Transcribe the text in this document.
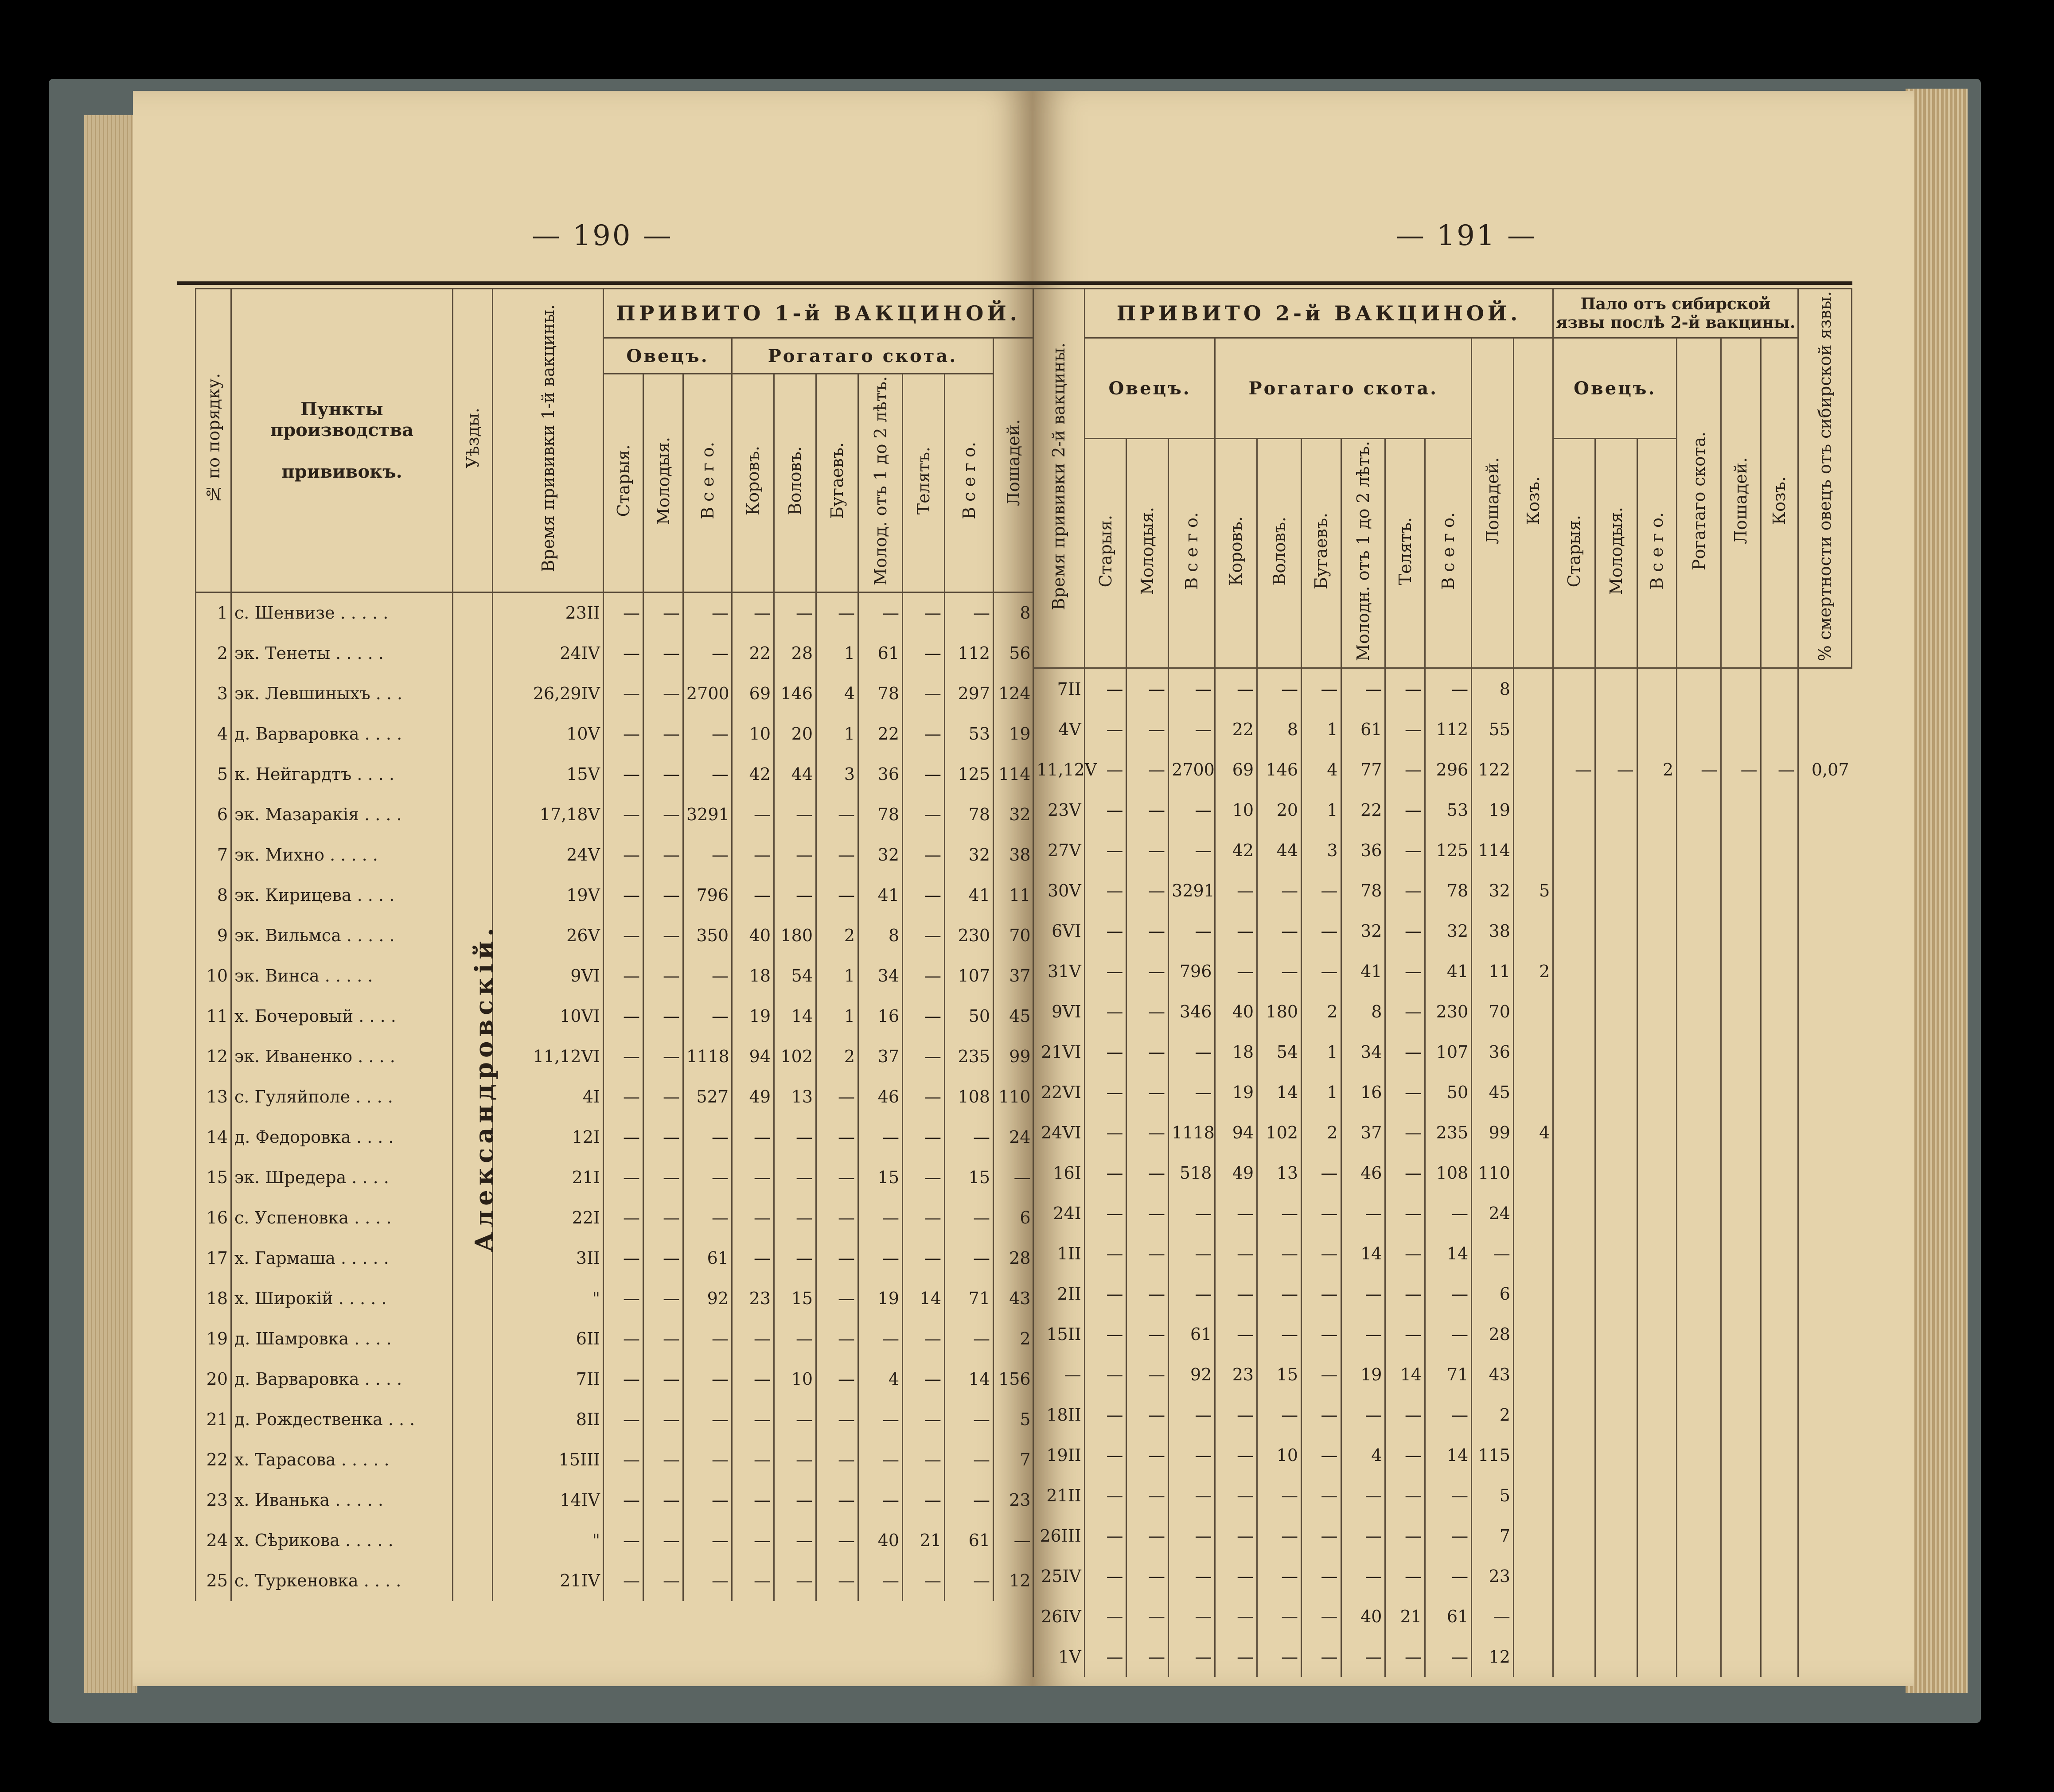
— 190 —
№ по порядку.	Пункты производства

прививокъ.	Уѣзды.	Время прививки 1-й вакцины.	ПРИВИТО 1-й ВАКЦИНОЙ.									
				Овецъ.			Рогатаго скота.						Лошадей.
				Старыя.	Молодыя.	В с е г о.	Коровъ.	Воловъ.	Бугаевъ.	Молод. отъ 1 до 2 лѣтъ.	Телятъ.	В с е г о.	
1	с. Шенвизе . . . . .		23II	—	—	—	—	—	—	—	—	—	8
2	эк. Тенеты . . . . .		24IV	—	—	—	22	28	1	61	—	112	56
3	эк. Левшиныхъ . . .		26,29IV	—	—	2700	69	146	4	78	—	297	124
4	д. Варваровка . . . .		10V	—	—	—	10	20	1	22	—	53	19
5	к. Нейгардтъ . . . .		15V	—	—	—	42	44	3	36	—	125	114
6	эк. Мазаракія . . . .		17,18V	—	—	3291	—	—	—	78	—	78	32
7	эк. Михно . . . . .		24V	—	—	—	—	—	—	32	—	32	38
8	эк. Кирицева . . . .		19V	—	—	796	—	—	—	41	—	41	11
9	эк. Вильмса . . . . .		26V	—	—	350	40	180	2	8	—	230	70
10	эк. Винса . . . . .		9VI	—	—	—	18	54	1	34	—	107	37
11	х. Бочеровый . . . .		10VI	—	—	—	19	14	1	16	—	50	45
12	эк. Иваненко . . . .		11,12VI	—	—	1118	94	102	2	37	—	235	99
13	с. Гуляйполе . . . .		4I	—	—	527	49	13	—	46	—	108	110
14	д. Федоровка . . . .		12I	—	—	—	—	—	—	—	—	—	24
15	эк. Шредера . . . .		21I	—	—	—	—	—	—	15	—	15	—
16	с. Успеновка . . . .		22I	—	—	—	—	—	—	—	—	—	6
17	х. Гармаша . . . . .		3II	—	—	61	—	—	—	—	—	—	28
18	х. Широкій . . . . .		"	—	—	92	23	15	—	19	14	71	43
19	д. Шамровка . . . .		6II	—	—	—	—	—	—	—	—	—	2
20	д. Варваровка . . . .		7II	—	—	—	—	10	—	4	—	14	156
21	д. Рождественка . . .		8II	—	—	—	—	—	—	—	—	—	5
22	х. Тарасова . . . . .		15III	—	—	—	—	—	—	—	—	—	7
23	х. Иванька . . . . .		14IV	—	—	—	—	—	—	—	—	—	23
24	х. Сѣрикова . . . . .		"	—	—	—	—	—	—	40	21	61	—
25	с. Туркеновка . . . .		21IV	—	—	—	—	—	—	—	—	—	12
Александровскій.
— 191 —
Время прививки 2-й вакцины.	ПРИВИТО 2-й ВАКЦИНОЙ.											Пало отъ сибирской язвы послѣ 2-й вакцины.						% смертности овецъ отъ сибирской язвы.
	Овецъ.			Рогатаго скота.						Лошадей.	Козъ.	Овецъ.			Рогатаго скота.	Лошадей.	Козъ.	
	Старыя.	Молодыя.	В с е г о.	Коровъ.	Воловъ.	Бугаевъ.	Молодн. отъ 1 до 2 лѣтъ.	Телятъ.	В с е г о.			Старыя.	Молодыя.	В с е г о.				
7II	—	—	—	—	—	—	—	—	—	8								
4V	—	—	—	22	8	1	61	—	112	55								
11,12V	—	—	2700	69	146	4	77	—	296	122		—	—	2	—	—	—	0,07
23V	—	—	—	10	20	1	22	—	53	19								
27V	—	—	—	42	44	3	36	—	125	114								
30V	—	—	3291	—	—	—	78	—	78	32	5							
6VI	—	—	—	—	—	—	32	—	32	38								
31V	—	—	796	—	—	—	41	—	41	11	2							
9VI	—	—	346	40	180	2	8	—	230	70								
21VI	—	—	—	18	54	1	34	—	107	36								
22VI	—	—	—	19	14	1	16	—	50	45								
24VI	—	—	1118	94	102	2	37	—	235	99	4							
16I	—	—	518	49	13	—	46	—	108	110								
24I	—	—	—	—	—	—	—	—	—	24								
1II	—	—	—	—	—	—	14	—	14	—								
2II	—	—	—	—	—	—	—	—	—	6								
15II	—	—	61	—	—	—	—	—	—	28								
—	—	—	92	23	15	—	19	14	71	43								
18II	—	—	—	—	—	—	—	—	—	2								
19II	—	—	—	—	10	—	4	—	14	115								
21II	—	—	—	—	—	—	—	—	—	5								
26III	—	—	—	—	—	—	—	—	—	7								
25IV	—	—	—	—	—	—	—	—	—	23								
26IV	—	—	—	—	—	—	40	21	61	—								
1V	—	—	—	—	—	—	—	—	—	12								
